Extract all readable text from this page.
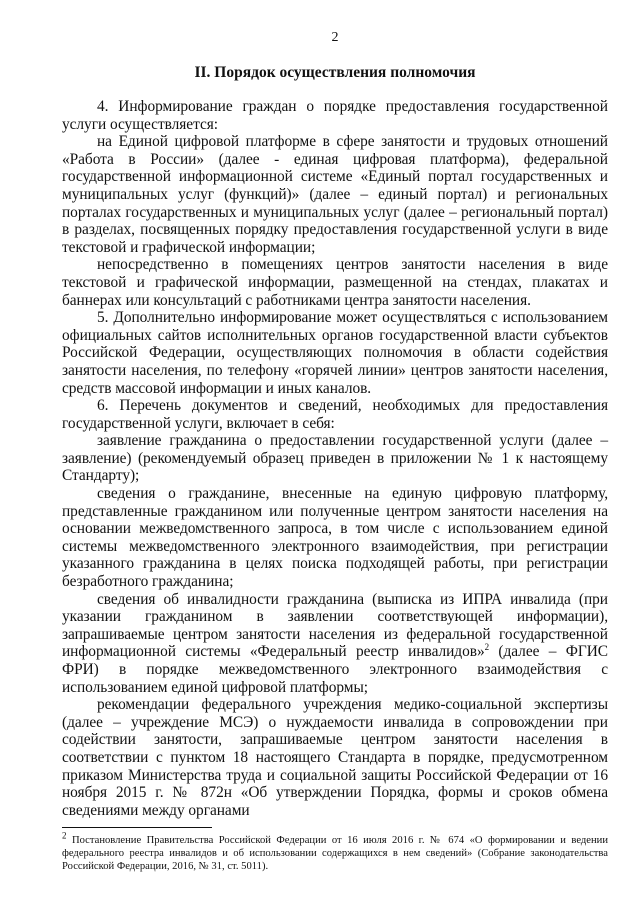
2
II. Порядок осуществления полномочия

4. Информирование граждан о порядке предоставления государственной услуги осуществляется:

на Единой цифровой платформе в сфере занятости и трудовых отношений «Работа в России» (далее - единая цифровая платформа), федеральной государственной информационной системе «Единый портал государственных и муниципальных услуг (функций)» (далее – единый портал) и региональных порталах государственных и муниципальных услуг (далее – региональный портал) в разделах, посвященных порядку предоставления государственной услуги в виде текстовой и графической информации;

непосредственно в помещениях центров занятости населения в виде текстовой и графической информации, размещенной на стендах, плакатах и баннерах или консультаций с работниками центра занятости населения.

5. Дополнительно информирование может осуществляться с использованием официальных сайтов исполнительных органов государственной власти субъектов Российской Федерации, осуществляющих полномочия в области содействия занятости населения, по телефону «горячей линии» центров занятости населения, средств массовой информации и иных каналов.

6. Перечень документов и сведений, необходимых для предоставления государственной услуги, включает в себя:

заявление гражданина о предоставлении государственной услуги (далее – заявление) (рекомендуемый образец приведен в приложении № 1 к настоящему Стандарту);

сведения о гражданине, внесенные на единую цифровую платформу, представленные гражданином или полученные центром занятости населения на основании межведомственного запроса, в том числе с использованием единой системы межведомственного электронного взаимодействия, при регистрации указанного гражданина в целях поиска подходящей работы, при регистрации безработного гражданина;

сведения об инвалидности гражданина (выписка из ИПРА инвалида (при указании гражданином в заявлении соответствующей информации), запрашиваемые центром занятости населения из федеральной государственной информационной системы «Федеральный реестр инвалидов»$^2$ (далее – ФГИС ФРИ) в порядке межведомственного электронного взаимодействия с использованием единой цифровой платформы;

рекомендации федерального учреждения медико-социальной экспертизы (далее – учреждение МСЭ) о нуждаемости инвалида в сопровождении при содействии занятости, запрашиваемые центром занятости населения в соответствии с пунктом 18 настоящего Стандарта в порядке, предусмотренном приказом Министерства труда и социальной защиты Российской Федерации от 16 ноября 2015 г. № 872н «Об утверждении Порядка, формы и сроков обмена сведениями между органами

$^2$ Постановление Правительства Российской Федерации от 16 июля 2016 г. № 674 «О формировании и ведении федерального реестра инвалидов и об использовании содержащихся в нем сведений» (Собрание законодательства Российской Федерации, 2016, № 31, ст. 5011).
